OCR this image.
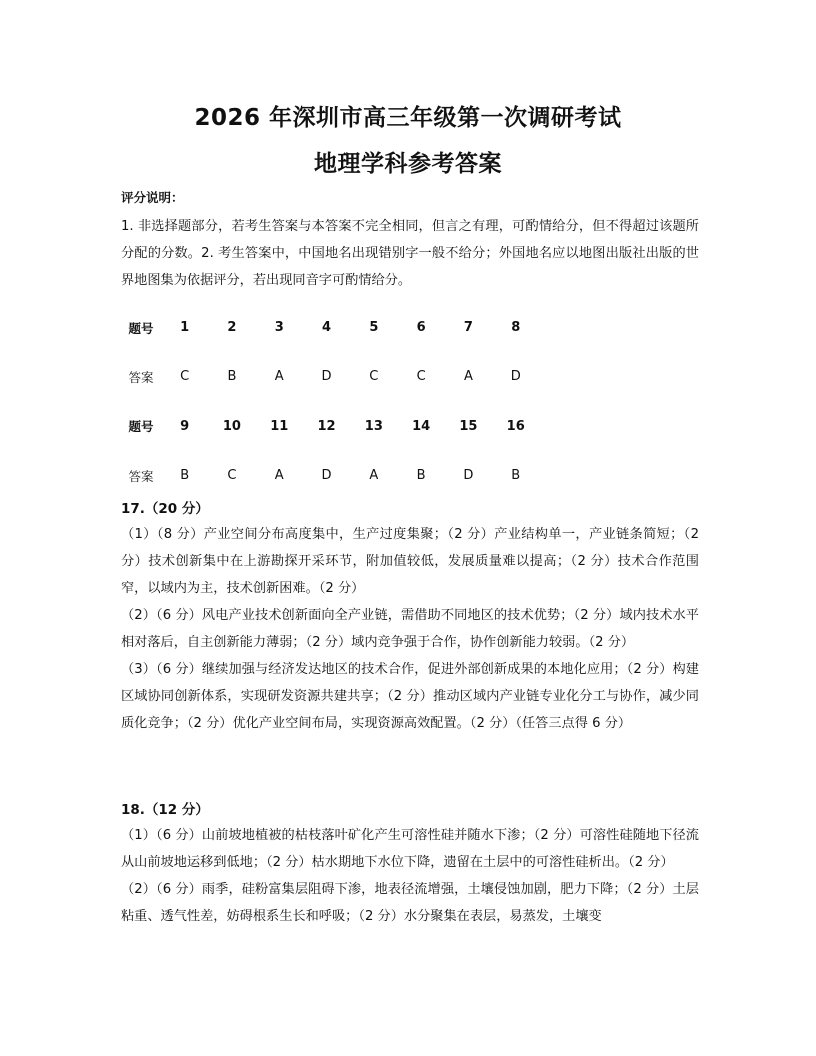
2026 年深圳市高三年级第一次调研考试
地理学科参考答案
评分说明：
1. 非选择题部分，若考生答案与本答案不完全相同，但言之有理，可酌情给分，但不得超过该题所分配的分数。2. 考生答案中，中国地名出现错别字一般不给分；外国地名应以地图出版社出版的世界地图集为依据评分，若出现同音字可酌情给分。
题号	1	2	3	4	5	6	7	8
答案	C	B	A	D	C	C	A	D
题号	9	10	11	12	13	14	15	16
答案	B	C	A	D	A	B	D	B
17.（20 分）
（1）（8 分）产业空间分布高度集中，生产过度集聚；（2 分）产业结构单一，产业链条简短；（2 分）技术创新集中在上游勘探开采环节，附加值较低，发展质量难以提高；（2 分）技术合作范围窄，以域内为主，技术创新困难。（2 分）
（2）（6 分）风电产业技术创新面向全产业链，需借助不同地区的技术优势；（2 分）域内技术水平相对落后，自主创新能力薄弱；（2 分）域内竞争强于合作，协作创新能力较弱。（2 分）
（3）（6 分）继续加强与经济发达地区的技术合作，促进外部创新成果的本地化应用；（2 分）构建区域协同创新体系，实现研发资源共建共享；（2 分）推动区域内产业链专业化分工与协作，减少同质化竞争；（2 分）优化产业空间布局，实现资源高效配置。（2 分）（任答三点得 6 分）
18.（12 分）
（1）（6 分）山前坡地植被的枯枝落叶矿化产生可溶性硅并随水下渗；（2 分）可溶性硅随地下径流从山前坡地运移到低地；（2 分）枯水期地下水位下降，遗留在土层中的可溶性硅析出。（2 分）
（2）（6 分）雨季，硅粉富集层阻碍下渗，地表径流增强，土壤侵蚀加剧，肥力下降；（2 分）土层粘重、透气性差，妨碍根系生长和呼吸；（2 分）水分聚集在表层，易蒸发，土壤变
